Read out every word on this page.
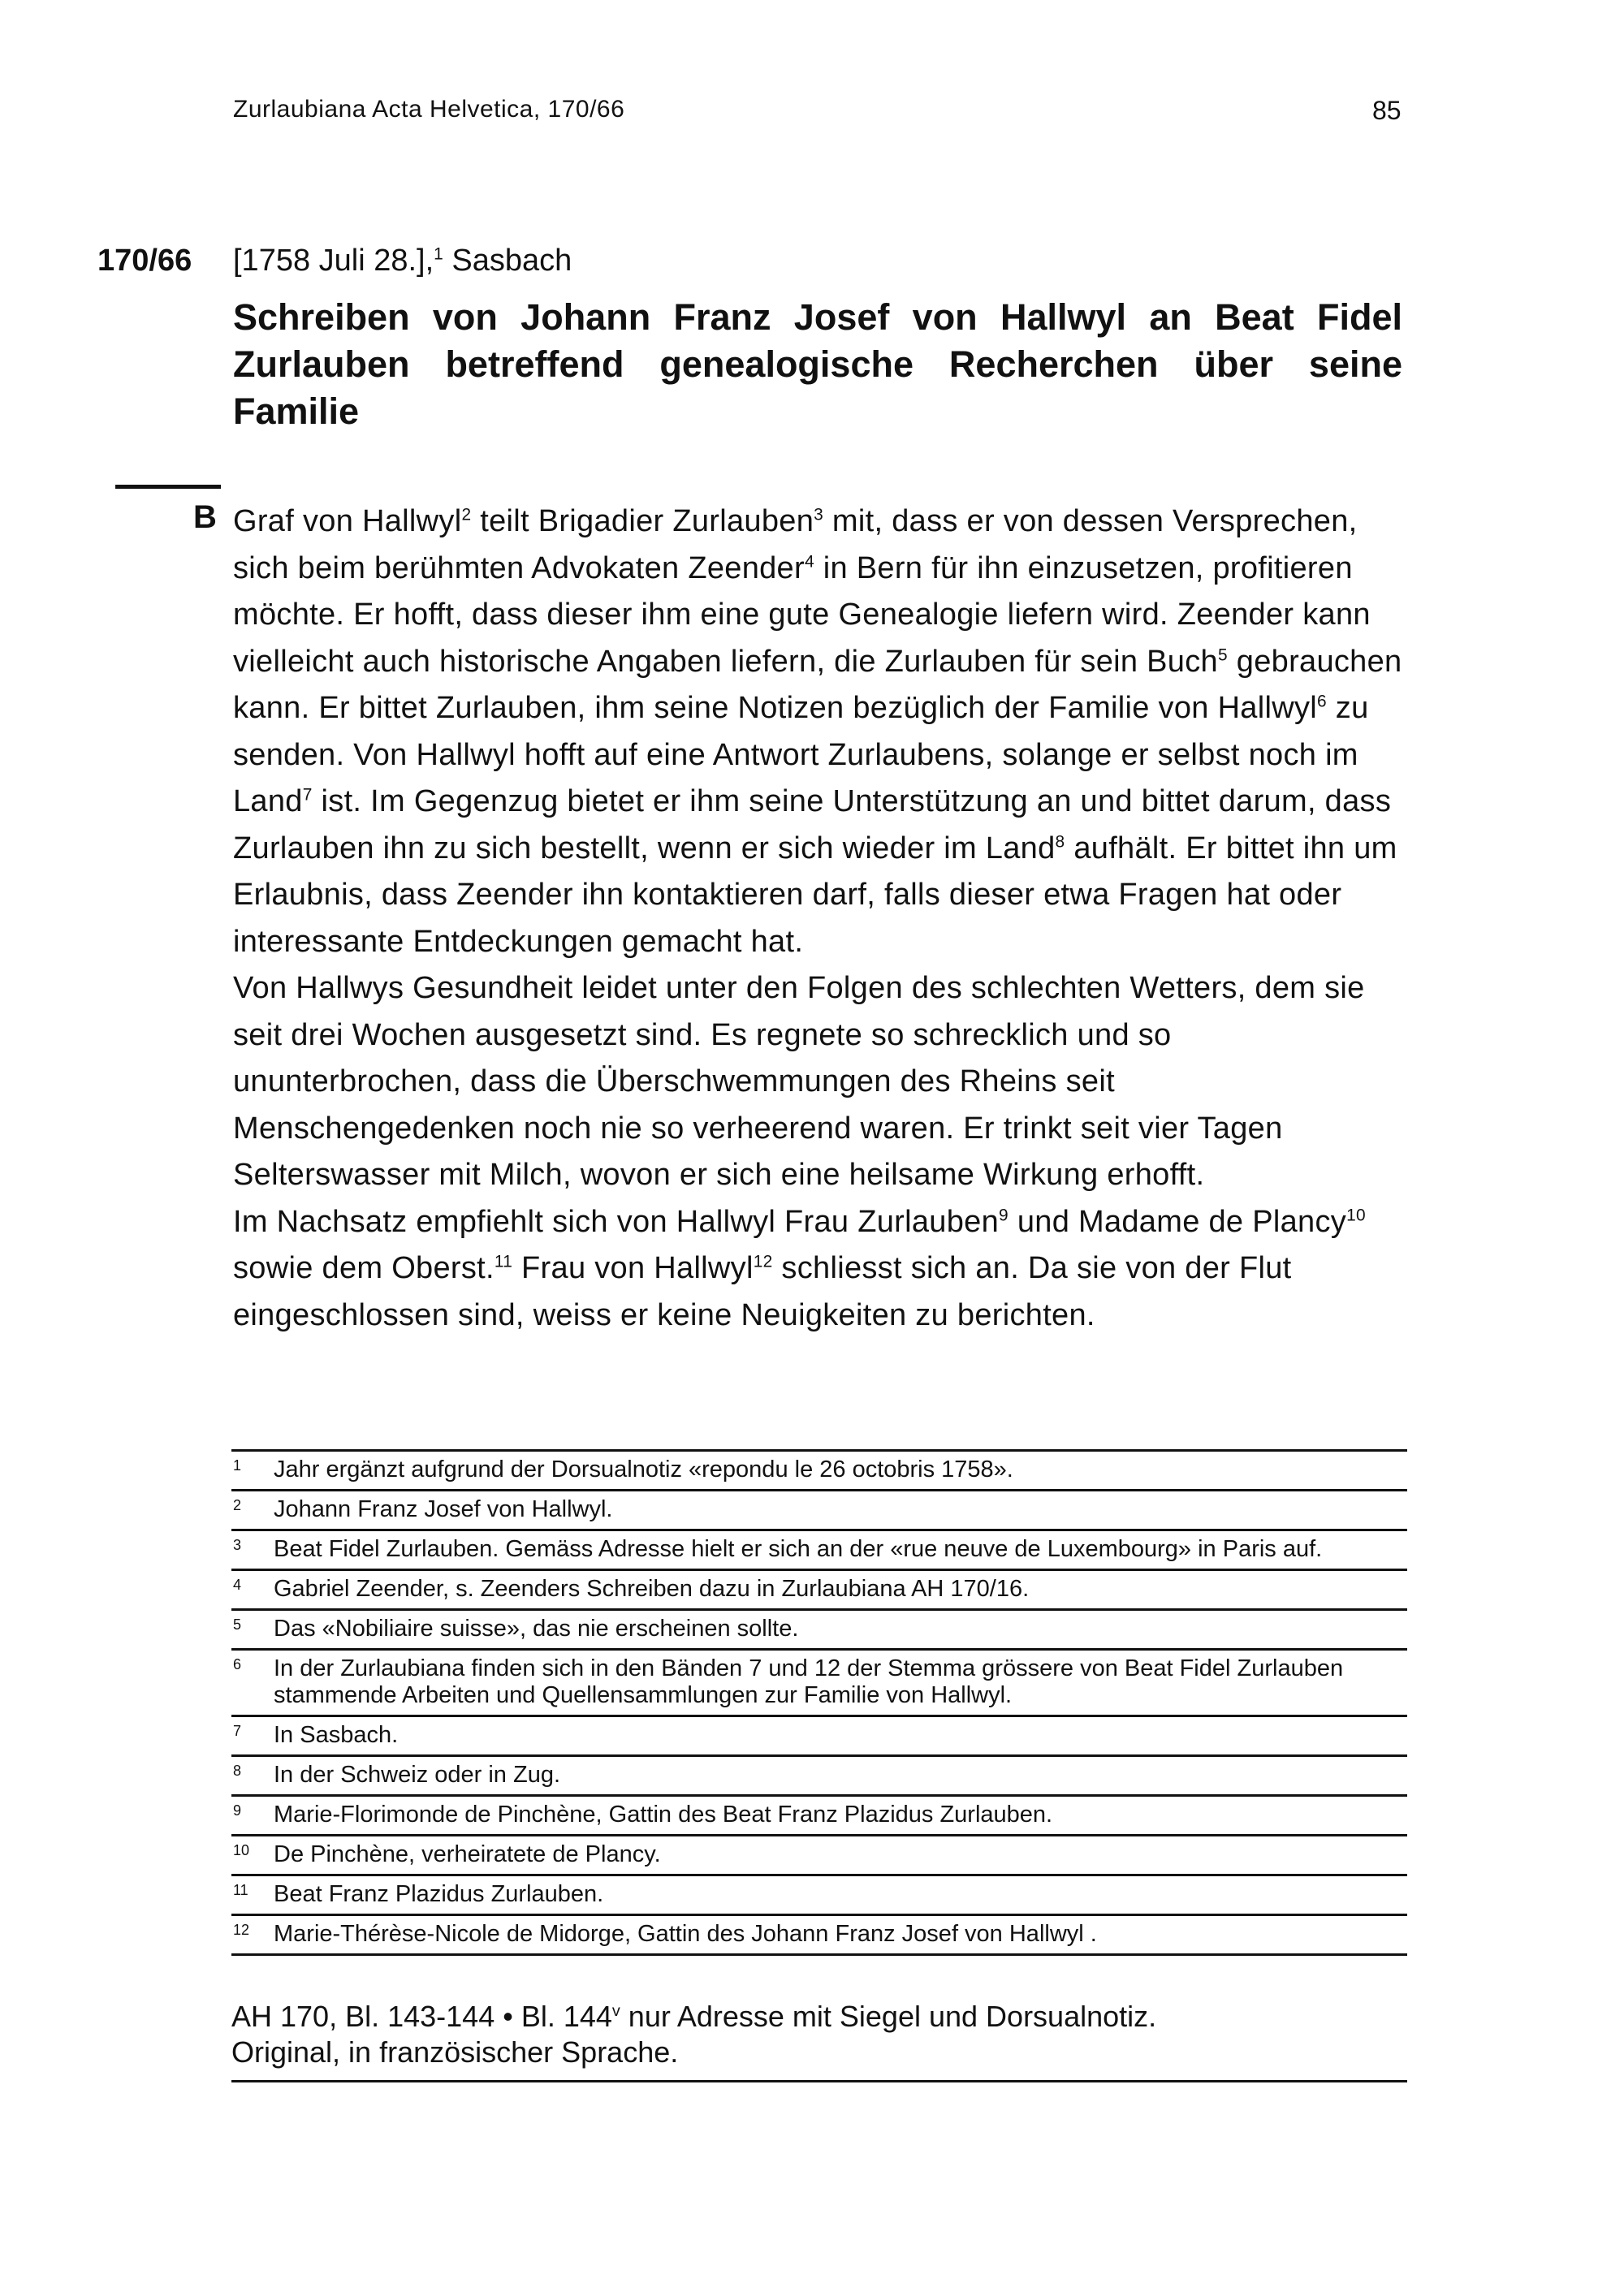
Zurlaubiana Acta Helvetica, 170/66	85
170/66 [1758 Juli 28.],$^1$ Sasbach
Schreiben von Johann Franz Josef von Hallwyl an Beat Fidel Zurlauben betreffend genealogische Recherchen über seine Familie
B Graf von Hallwyl$^2$ teilt Brigadier Zurlauben$^3$ mit, dass er von dessen Versprechen, sich beim berühmten Advokaten Zeender$^4$ in Bern für ihn einzusetzen, profitieren möchte. Er hofft, dass dieser ihm eine gute Genealogie liefern wird. Zeender kann vielleicht auch historische Angaben liefern, die Zurlauben für sein Buch$^5$ gebrauchen kann. Er bittet Zurlauben, ihm seine Notizen bezüglich der Familie von Hallwyl$^6$ zu senden. Von Hallwyl hofft auf eine Antwort Zurlaubens, solange er selbst noch im Land$^7$ ist. Im Gegenzug bietet er ihm seine Unterstützung an und bittet darum, dass Zurlauben ihn zu sich bestellt, wenn er sich wieder im Land$^8$ aufhält. Er bittet ihn um Erlaubnis, dass Zeender ihn kontaktieren darf, falls dieser etwa Fragen hat oder interessante Entdeckungen gemacht hat.

Von Hallwys Gesundheit leidet unter den Folgen des schlechten Wetters, dem sie seit drei Wochen ausgesetzt sind. Es regnete so schrecklich und so ununterbrochen, dass die Überschwemmungen des Rheins seit Menschengedenken noch nie so verheerend waren. Er trinkt seit vier Tagen Selterswasser mit Milch, wovon er sich eine heilsame Wirkung erhofft.

Im Nachsatz empfiehlt sich von Hallwyl Frau Zurlauben$^9$ und Madame de Plancy$^{10}$ sowie dem Oberst.$^{11}$ Frau von Hallwyl$^{12}$ schliesst sich an. Da sie von der Flut eingeschlossen sind, weiss er keine Neuigkeiten zu berichten.

1	Jahr ergänzt aufgrund der Dorsualnotiz «repondu le 26 octobris 1758».
2	Johann Franz Josef von Hallwyl.
3	Beat Fidel Zurlauben. Gemäss Adresse hielt er sich an der «rue neuve de Luxembourg» in Paris auf.
4	Gabriel Zeender, s. Zeenders Schreiben dazu in Zurlaubiana AH 170/16.
5	Das «Nobiliaire suisse», das nie erscheinen sollte.
6	In der Zurlaubiana finden sich in den Bänden 7 und 12 der Stemma grössere von Beat Fidel Zurlauben stammende Arbeiten und Quellensammlungen zur Familie von Hallwyl.
7	In Sasbach.
8	In der Schweiz oder in Zug.
9	Marie-Florimonde de Pinchène, Gattin des Beat Franz Plazidus Zurlauben.
10	De Pinchène, verheiratete de Plancy.
11	Beat Franz Plazidus Zurlauben.
12	Marie-Thérèse-Nicole de Midorge, Gattin des Johann Franz Josef von Hallwyl .
AH 170, Bl. 143-144 • Bl. 144$^v$ nur Adresse mit Siegel und Dorsualnotiz.
Original, in französischer Sprache.
